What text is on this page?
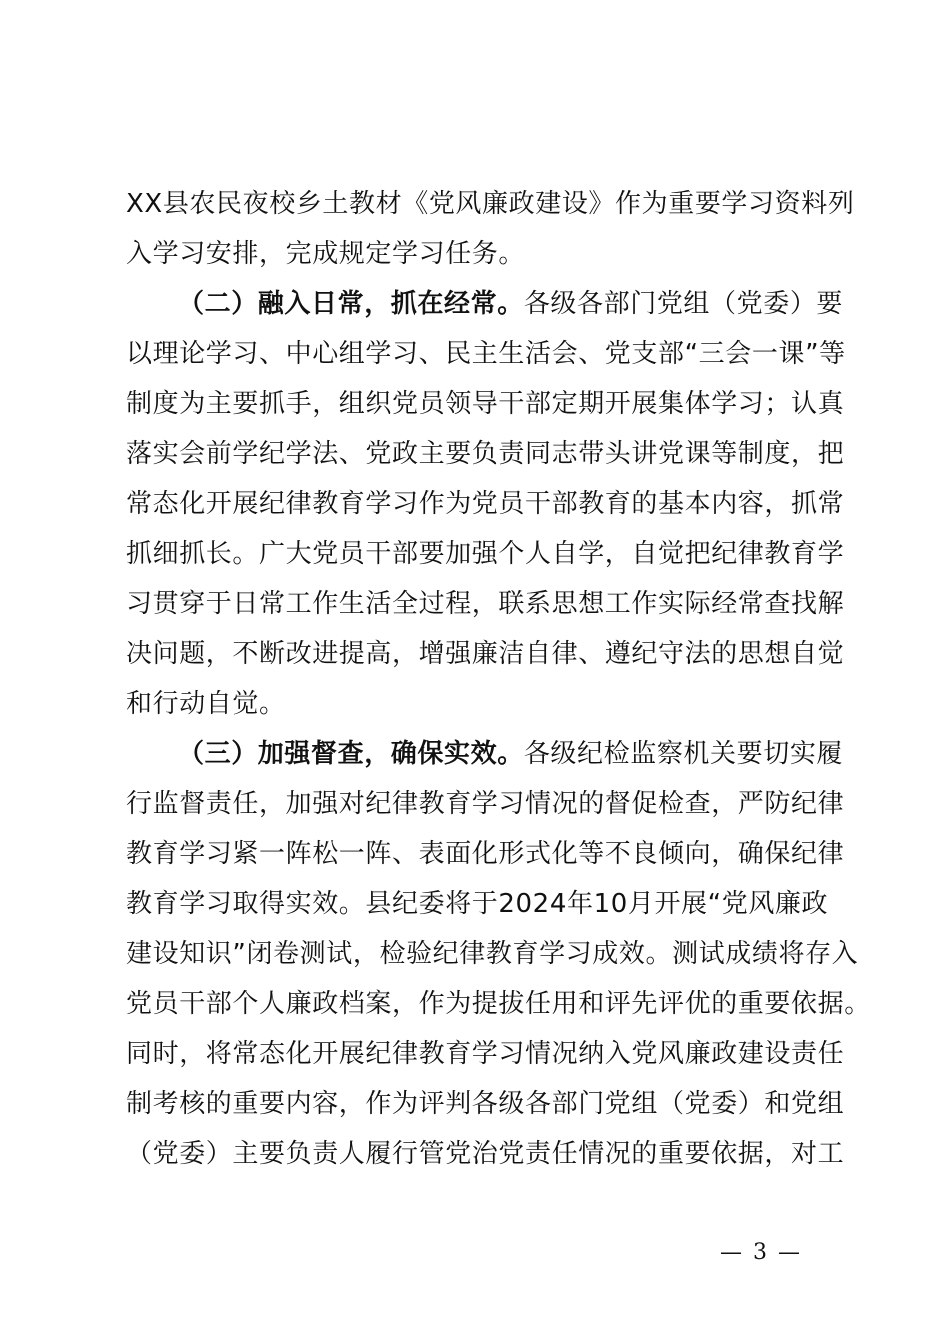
XX县农民夜校乡土教材《党风廉政建设》作为重要学习资料列
入学习安排，完成规定学习任务。
（二）融入日常，抓在经常。各级各部门党组（党委）要
以理论学习、中心组学习、民主生活会、党支部“三会一课”等
制度为主要抓手，组织党员领导干部定期开展集体学习；认真
落实会前学纪学法、党政主要负责同志带头讲党课等制度，把
常态化开展纪律教育学习作为党员干部教育的基本内容，抓常
抓细抓长。广大党员干部要加强个人自学，自觉把纪律教育学
习贯穿于日常工作生活全过程，联系思想工作实际经常查找解
决问题，不断改进提高，增强廉洁自律、遵纪守法的思想自觉
和行动自觉。
（三）加强督查，确保实效。各级纪检监察机关要切实履
行监督责任，加强对纪律教育学习情况的督促检查，严防纪律
教育学习紧一阵松一阵、表面化形式化等不良倾向，确保纪律
教育学习取得实效。县纪委将于2024年10月开展“党风廉政
建设知识”闭卷测试，检验纪律教育学习成效。测试成绩将存入
党员干部个人廉政档案，作为提拔任用和评先评优的重要依据。
同时，将常态化开展纪律教育学习情况纳入党风廉政建设责任
制考核的重要内容，作为评判各级各部门党组（党委）和党组
（党委）主要负责人履行管党治党责任情况的重要依据，对工
— 3 —
